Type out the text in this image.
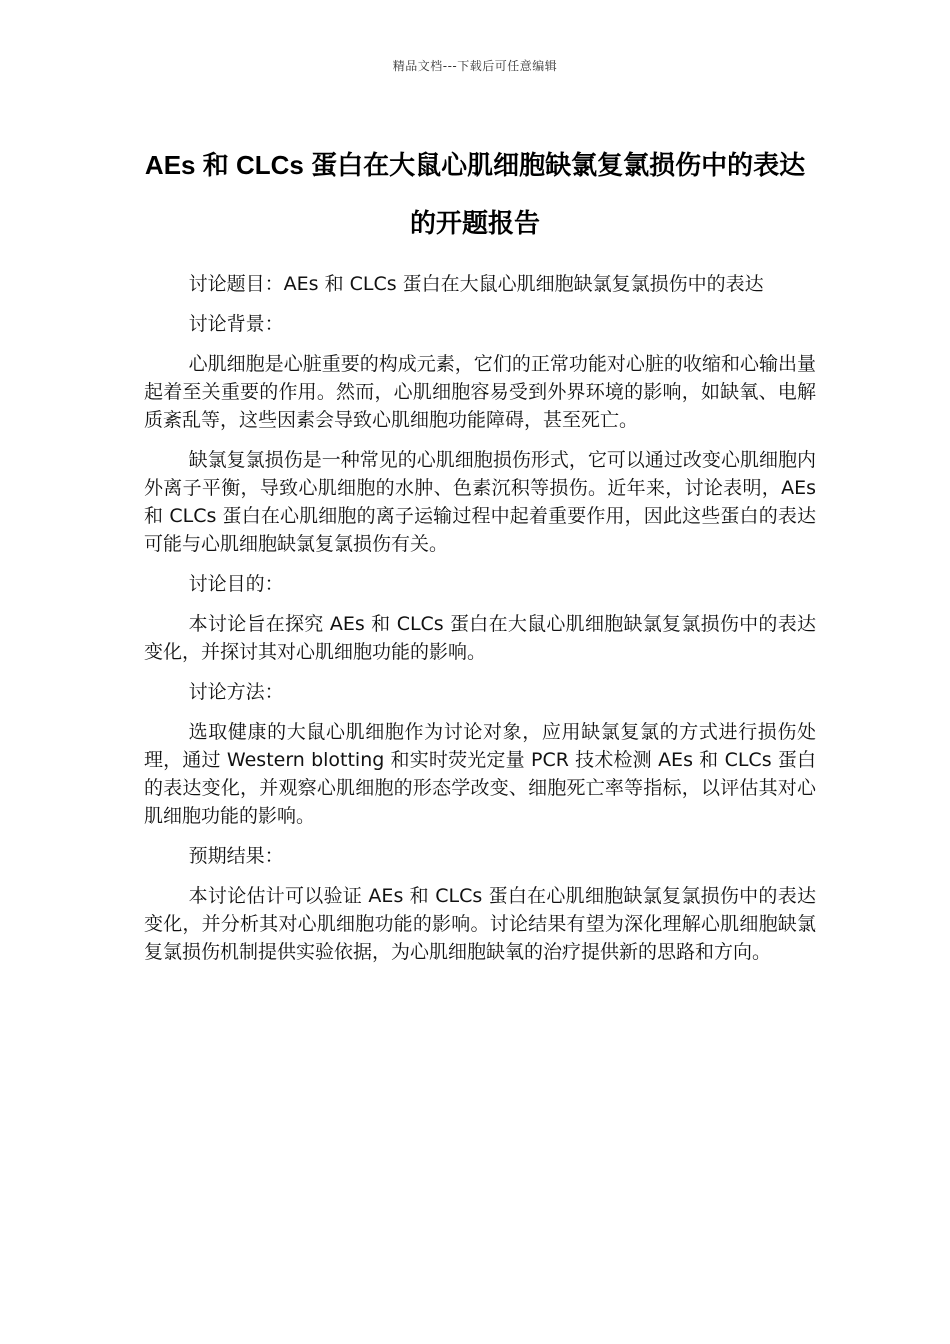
精品文档---下载后可任意编辑
AEs 和 CLCs 蛋白在大鼠心肌细胞缺氯复氯损伤中的表达的开题报告

讨论题目：AEs 和 CLCs 蛋白在大鼠心肌细胞缺氯复氯损伤中的表达

讨论背景：

心肌细胞是心脏重要的构成元素，它们的正常功能对心脏的收缩和心输出量起着至关重要的作用。然而，心肌细胞容易受到外界环境的影响，如缺氧、电解质紊乱等，这些因素会导致心肌细胞功能障碍，甚至死亡。

缺氯复氯损伤是一种常见的心肌细胞损伤形式，它可以通过改变心肌细胞内外离子平衡，导致心肌细胞的水肿、色素沉积等损伤。近年来，讨论表明，AEs 和 CLCs 蛋白在心肌细胞的离子运输过程中起着重要作用，因此这些蛋白的表达可能与心肌细胞缺氯复氯损伤有关。

讨论目的：

本讨论旨在探究 AEs 和 CLCs 蛋白在大鼠心肌细胞缺氯复氯损伤中的表达变化，并探讨其对心肌细胞功能的影响。

讨论方法：

选取健康的大鼠心肌细胞作为讨论对象，应用缺氯复氯的方式进行损伤处理，通过 Western blotting 和实时荧光定量 PCR 技术检测 AEs 和 CLCs 蛋白的表达变化，并观察心肌细胞的形态学改变、细胞死亡率等指标，以评估其对心肌细胞功能的影响。

预期结果：

本讨论估计可以验证 AEs 和 CLCs 蛋白在心肌细胞缺氯复氯损伤中的表达变化，并分析其对心肌细胞功能的影响。讨论结果有望为深化理解心肌细胞缺氯复氯损伤机制提供实验依据，为心肌细胞缺氧的治疗提供新的思路和方向。
